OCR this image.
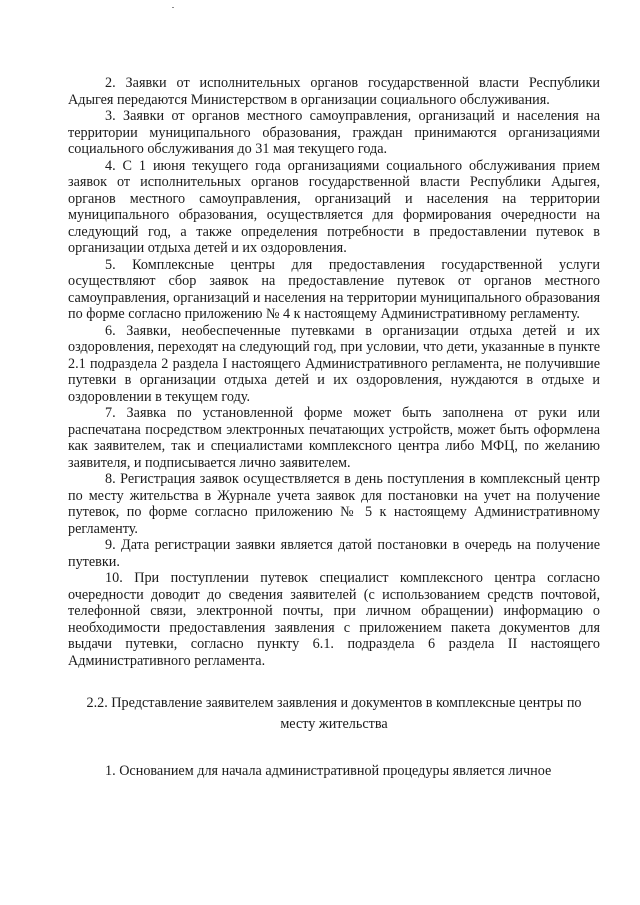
2. Заявки от исполнительных органов государственной власти Республики Адыгея передаются Министерством в организации социального обслуживания.

3. Заявки от органов местного самоуправления, организаций и населения на территории муниципального образования, граждан принимаются организациями социального обслуживания до 31 мая текущего года.

4. С 1 июня текущего года организациями социального обслуживания прием заявок от исполнительных органов государственной власти Республики Адыгея, органов местного самоуправления, организаций и населения на территории муниципального образования, осуществляется для формирования очередности на следующий год, а также определения потребности в предоставлении путевок в организации отдыха детей и их оздоровления.

5. Комплексные центры для предоставления государственной услуги осуществляют сбор заявок на предоставление путевок от органов местного самоуправления, организаций и населения на территории муниципального образования по форме согласно приложению № 4 к настоящему Административному регламенту.

6. Заявки, необеспеченные путевками в организации отдыха детей и их оздоровления, переходят на следующий год, при условии, что дети, указанные в пункте 2.1 подраздела 2 раздела I настоящего Административного регламента, не получившие путевки в организации отдыха детей и их оздоровления, нуждаются в отдыхе и оздоровлении в текущем году.

7. Заявка по установленной форме может быть заполнена от руки или распечатана посредством электронных печатающих устройств, может быть оформлена как заявителем, так и специалистами комплексного центра либо МФЦ, по желанию заявителя, и подписывается лично заявителем.

8. Регистрация заявок осуществляется в день поступления в комплексный центр по месту жительства в Журнале учета заявок для постановки на учет на получение путевок, по форме согласно приложению № 5 к настоящему Административному регламенту.

9. Дата регистрации заявки является датой постановки в очередь на получение путевки.

10. При поступлении путевок специалист комплексного центра согласно очередности доводит до сведения заявителей (с использованием средств почтовой, телефонной связи, электронной почты, при личном обращении) информацию о необходимости предоставления заявления с приложением пакета документов для выдачи путевки, согласно пункту 6.1. подраздела 6 раздела II настоящего Административного регламента.

2.2. Представление заявителем заявления и документов в комплексные центры по месту жительства

1. Основанием для начала административной процедуры является личное
